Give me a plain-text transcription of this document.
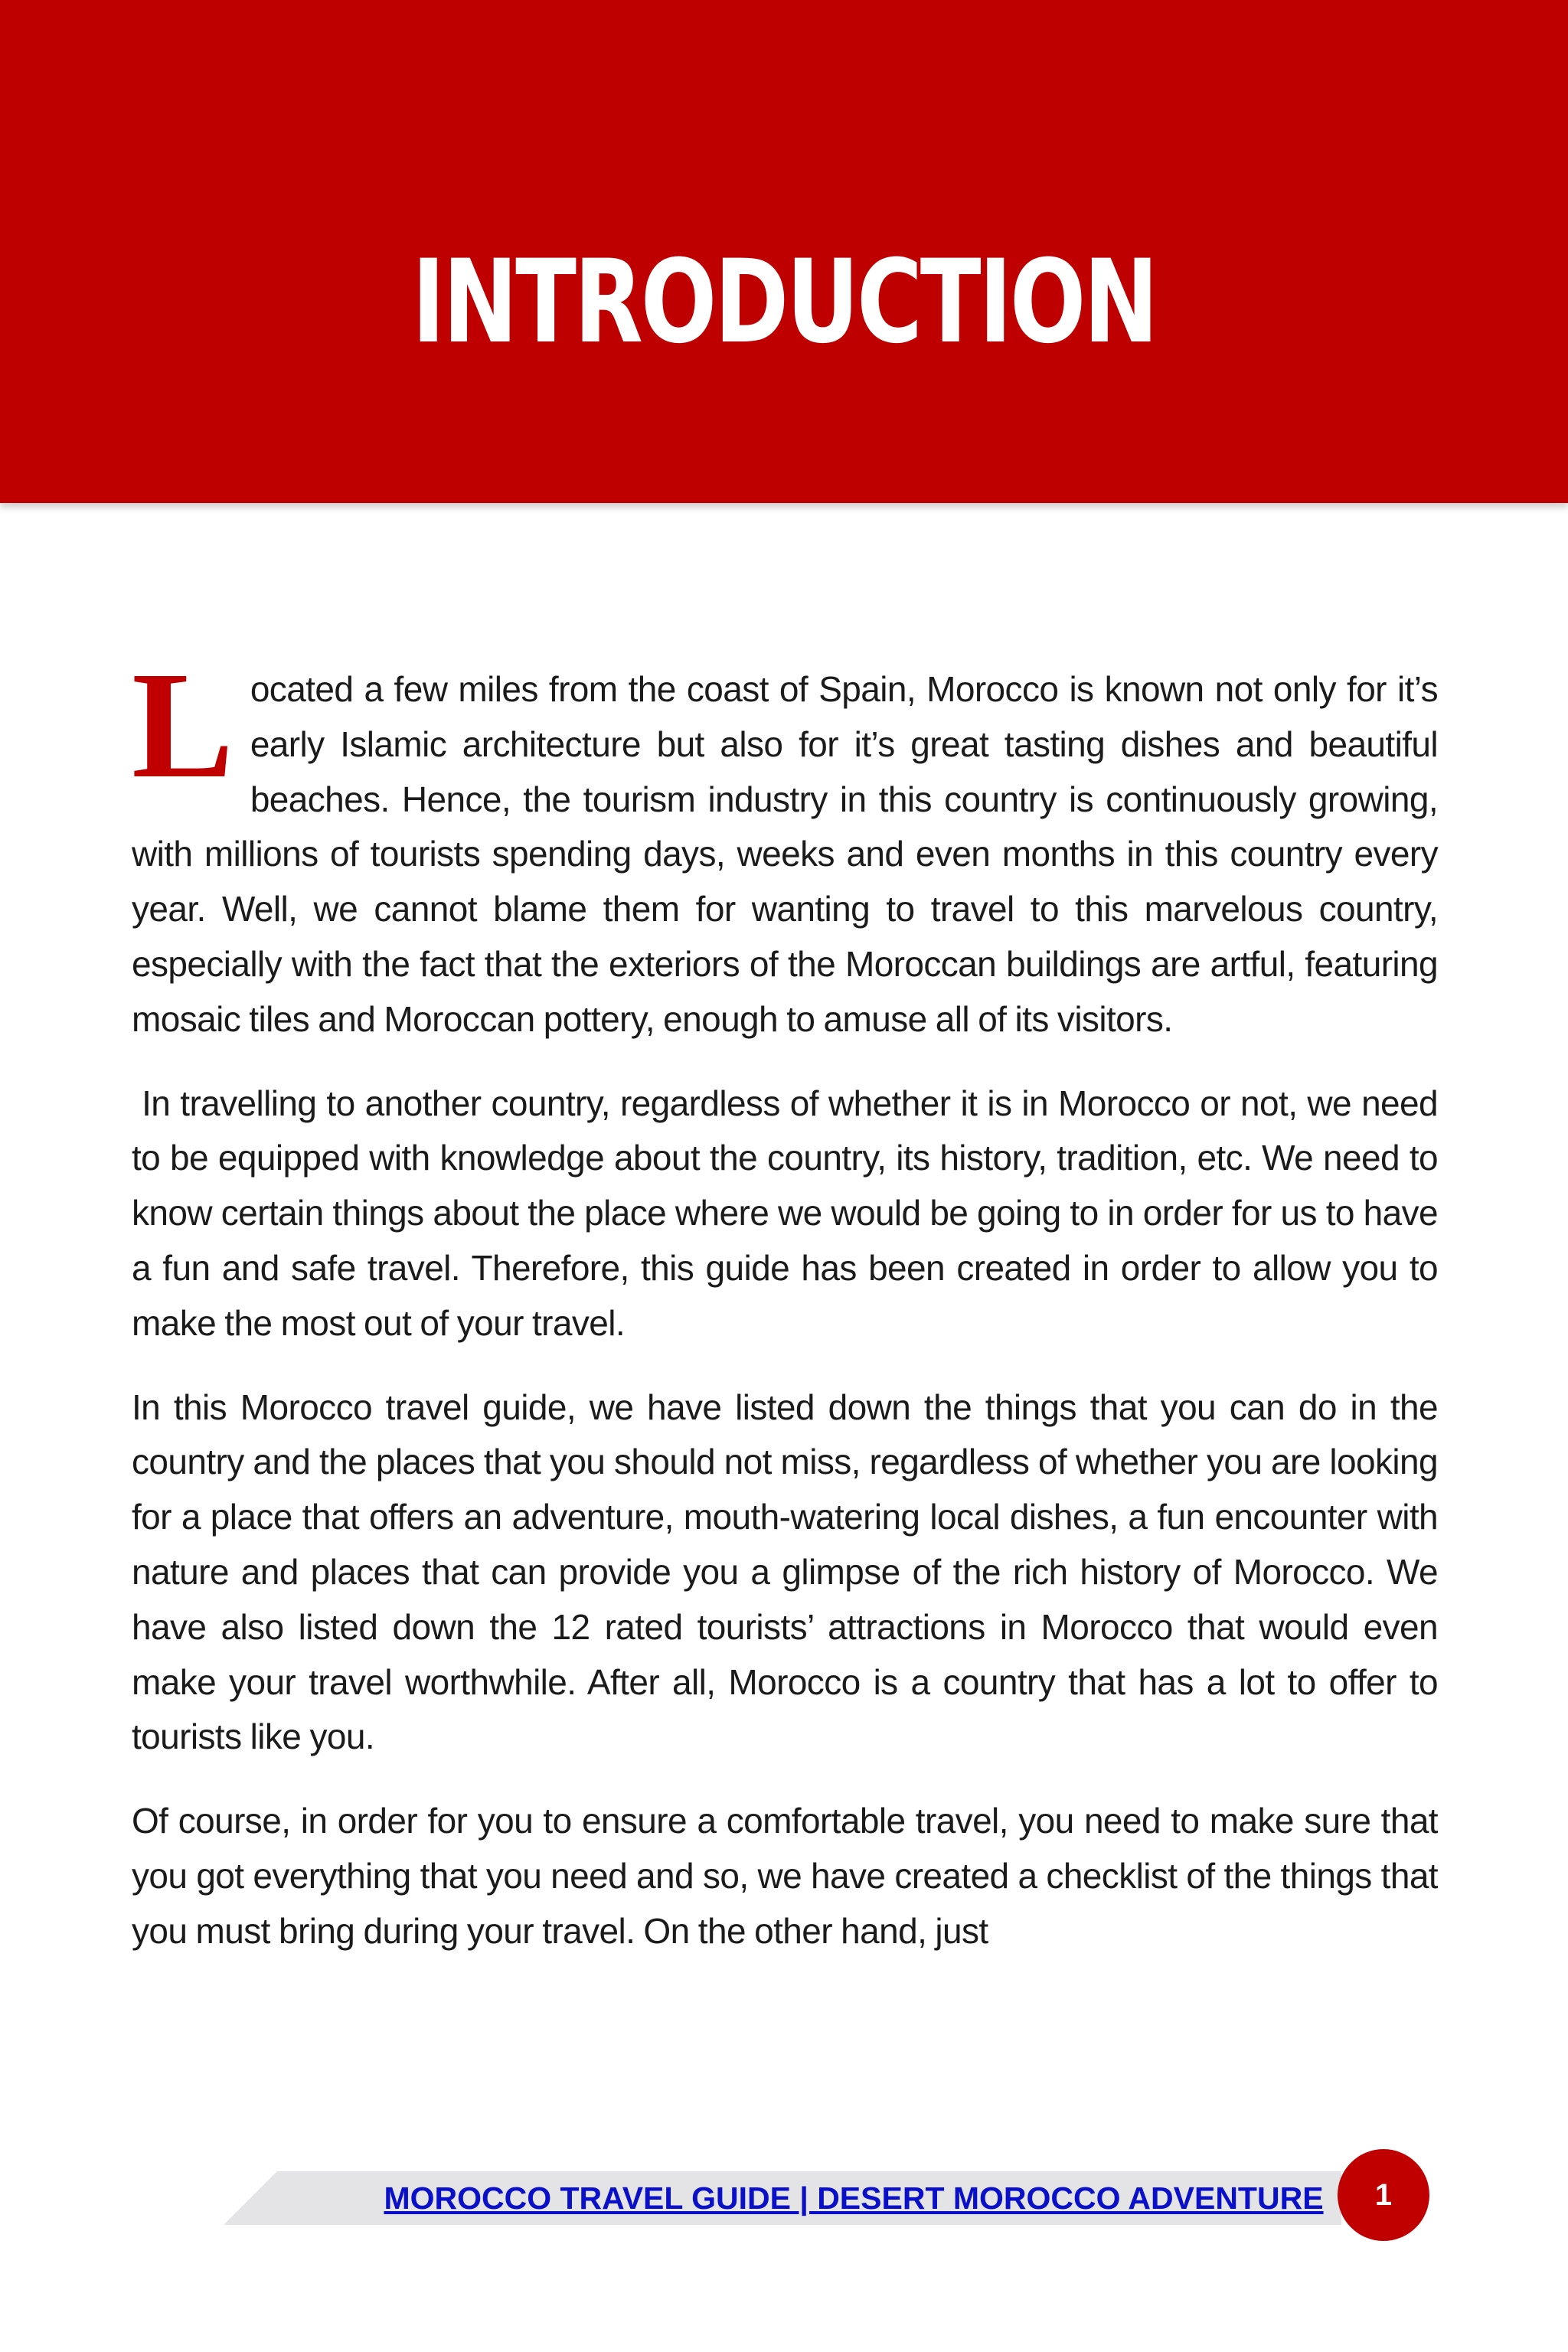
INTRODUCTION

Located a few miles from the coast of Spain, Morocco is known not only for it’s early Islamic architecture but also for it’s great tasting dishes and beautiful beaches. Hence, the tourism industry in this country is continuously growing, with millions of tourists spending days, weeks and even months in this country every year. Well, we cannot blame them for wanting to travel to this marvelous country, especially with the fact that the exteriors of the Moroccan buildings are artful, featuring mosaic tiles and Moroccan pottery, enough to amuse all of its visitors.

In travelling to another country, regardless of whether it is in Morocco or not, we need to be equipped with knowledge about the country, its history, tradition, etc. We need to know certain things about the place where we would be going to in order for us to have a fun and safe travel. Therefore, this guide has been created in order to allow you to make the most out of your travel.

In this Morocco travel guide, we have listed down the things that you can do in the country and the places that you should not miss, regardless of whether you are looking for a place that offers an adventure, mouth-watering local dishes, a fun encounter with nature and places that can provide you a glimpse of the rich history of Morocco. We have also listed down the 12 rated tourists’ attractions in Morocco that would even make your travel worthwhile. After all, Morocco is a country that has a lot to offer to tourists like you.

Of course, in order for you to ensure a comfortable travel, you need to make sure that you got everything that you need and so, we have created a checklist of the things that you must bring during your travel. On the other hand, just

MOROCCO TRAVEL GUIDE | DESERT MOROCCO ADVENTURE	1
